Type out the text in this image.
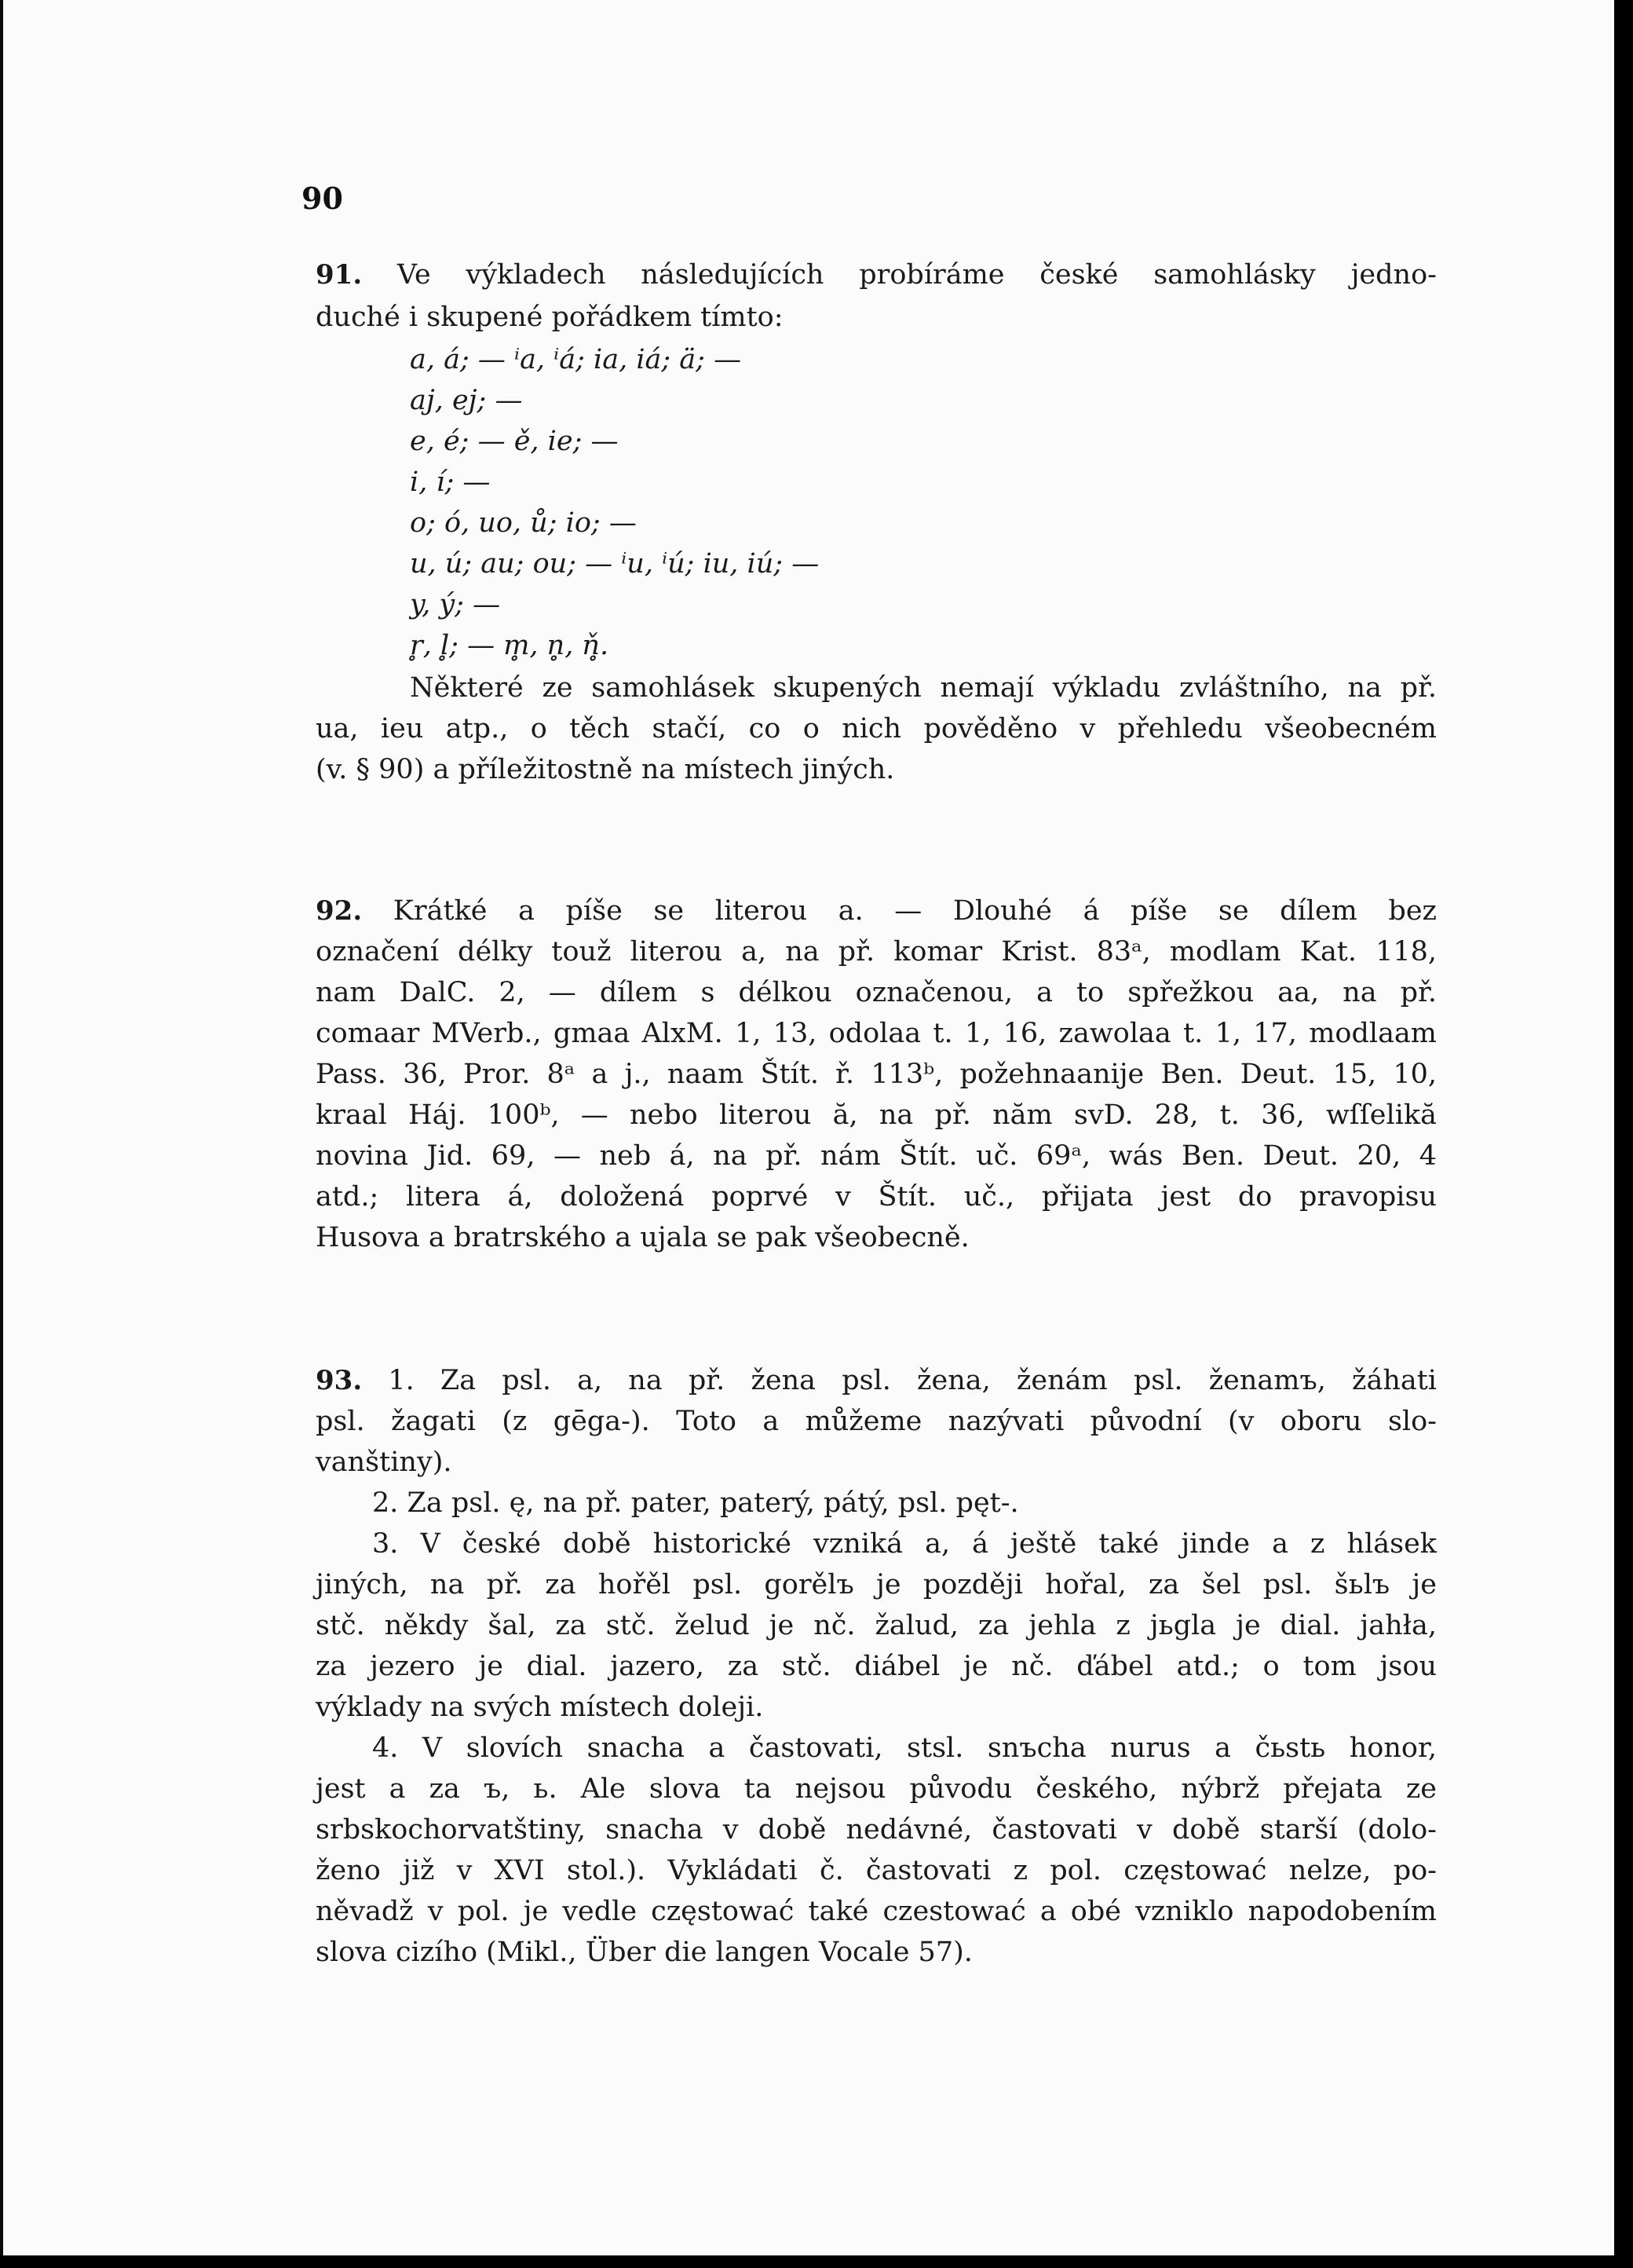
90
91. Ve výkladech následujících probíráme české samohlásky jedno-
duché i skupené pořádkem tímto:
a, á; — ⁱa, ⁱá; ia, iá; ä; —
aj, ej; —
e, é; — ě, ie; —
i, í; —
o; ó, uo, ů; io; —
u, ú; au; ou; — ⁱu, ⁱú; iu, iú; —
y, ý; —
r̥, l̥; — m̥, n̥, ň̥.
Některé ze samohlásek skupených nemají výkladu zvláštního, na př.
ua, ieu atp., o těch stačí, co o nich pověděno v přehledu všeobecném
(v. § 90) a příležitostně na místech jiných.
92. Krátké a píše se literou a. — Dlouhé á píše se dílem bez
označení délky touž literou a, na př. komar Krist. 83ᵃ, modlam Kat. 118,
nam DalC. 2, — dílem s délkou označenou, a to spřežkou aa, na př.
comaar MVerb., gmaa AlxM. 1, 13, odolaa t. 1, 16, zawolaa t. 1, 17, modlaam
Pass. 36, Pror. 8ᵃ a j., naam Štít. ř. 113ᵇ, požehnaanije Ben. Deut. 15, 10,
kraal Háj. 100ᵇ, — nebo literou ă, na př. năm svD. 28, t. 36, wſſelikă
novina Jid. 69, — neb á, na př. nám Štít. uč. 69ᵃ, wás Ben. Deut. 20, 4
atd.; litera á, doložená poprvé v Štít. uč., přijata jest do pravopisu
Husova a bratrského a ujala se pak všeobecně.
93. 1. Za psl. a, na př. žena psl. žena, ženám psl. ženamъ, žáhati
psl. žagati (z gēga-). Toto a můžeme nazývati původní (v oboru slo-
vanštiny).
2. Za psl. ę, na př. pater, paterý, pátý, psl. pęt-.
3. V české době historické vzniká a, á ještě také jinde a z hlásek
jiných, na př. za hořěl psl. gorělъ je později hořal, za šel psl. šьlъ je
stč. někdy šal, za stč. želud je nč. žalud, za jehla z jьgla je dial. jahła,
za jezero je dial. jazero, za stč. diábel je nč. ďábel atd.; o tom jsou
výklady na svých místech doleji.
4. V slovích snacha a častovati, stsl. snъcha nurus a čьstь honor,
jest a za ъ, ь. Ale slova ta nejsou původu českého, nýbrž přejata ze
srbskochorvatštiny, snacha v době nedávné, častovati v době starší (dolo-
ženo již v XVI stol.). Vykládati č. častovati z pol. częstować nelze, po-
něvadž v pol. je vedle częstować také czestować a obé vzniklo napodobením
slova cizího (Mikl., Über die langen Vocale 57).
